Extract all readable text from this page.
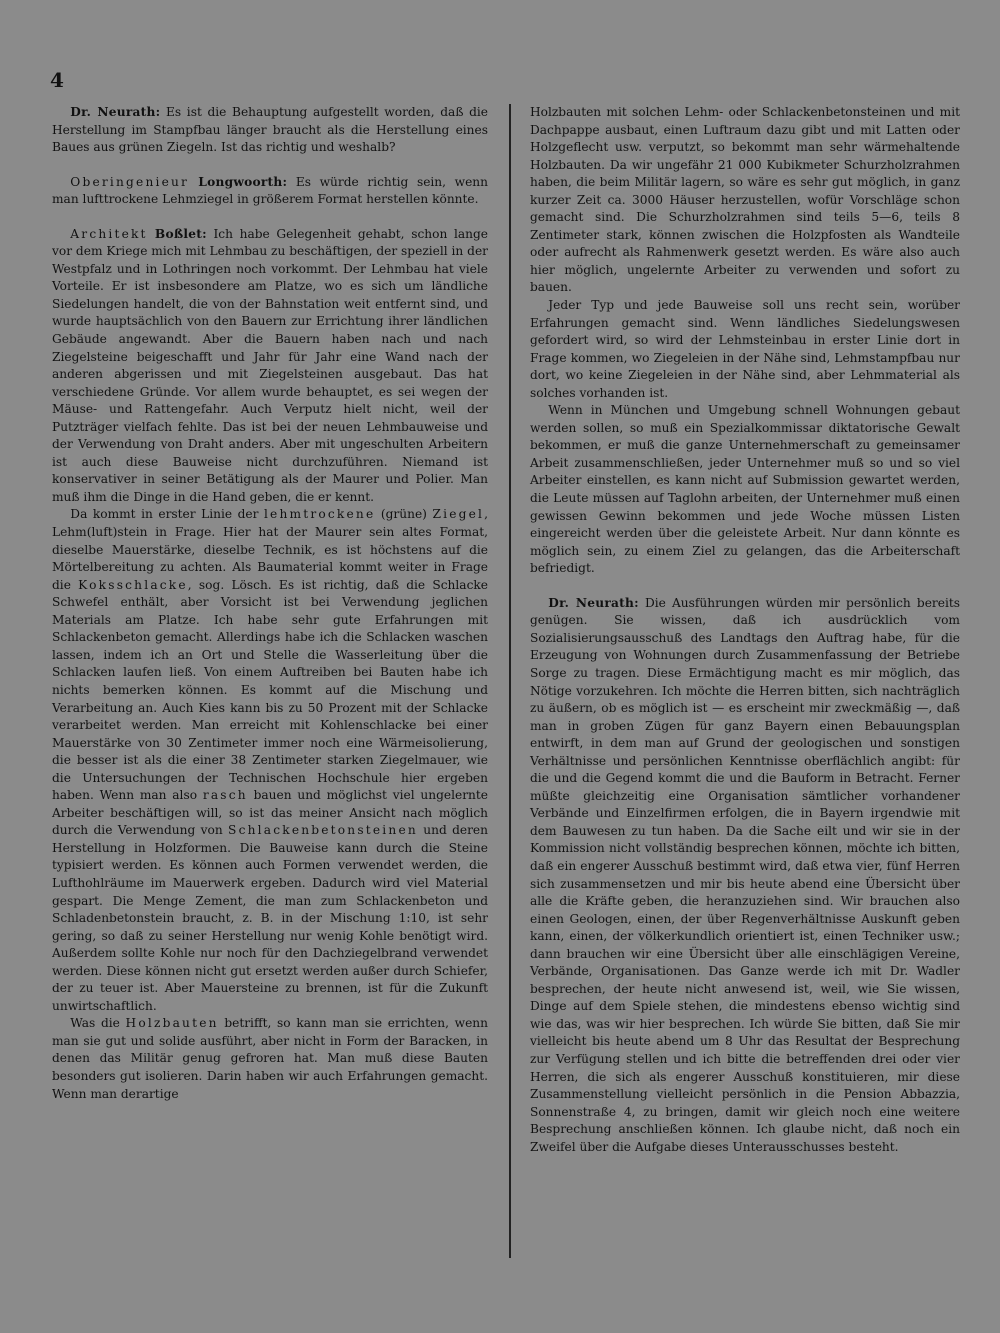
4

Dr. Neurath: Es ist die Behauptung aufgestellt worden, daß die Herstellung im Stampfbau länger braucht als die Herstellung eines Baues aus grünen Ziegeln. Ist das richtig und weshalb?

Oberingenieur Longwoorth: Es würde richtig sein, wenn man lufttrockene Lehmziegel in größerem Format herstellen könnte.

Architekt Boßlet: Ich habe Gelegenheit gehabt, schon lange vor dem Kriege mich mit Lehmbau zu beschäftigen, der speziell in der Westpfalz und in Lothringen noch vorkommt. Der Lehmbau hat viele Vorteile. Er ist insbesondere am Platze, wo es sich um ländliche Siedelungen handelt, die von der Bahnstation weit entfernt sind, und wurde hauptsächlich von den Bauern zur Errichtung ihrer ländlichen Gebäude angewandt. Aber die Bauern haben nach und nach Ziegelsteine beigeschafft und Jahr für Jahr eine Wand nach der anderen abgerissen und mit Ziegelsteinen ausgebaut. Das hat verschiedene Gründe. Vor allem wurde behauptet, es sei wegen der Mäuse- und Rattengefahr. Auch Verputz hielt nicht, weil der Putzträger vielfach fehlte. Das ist bei der neuen Lehmbauweise und der Verwendung von Draht anders. Aber mit ungeschulten Arbeitern ist auch diese Bauweise nicht durchzuführen. Niemand ist konservativer in seiner Betätigung als der Maurer und Polier. Man muß ihm die Dinge in die Hand geben, die er kennt.

Da kommt in erster Linie der lehmtrockene (grüne) Ziegel, Lehm(luft)stein in Frage. Hier hat der Maurer sein altes Format, dieselbe Mauerstärke, dieselbe Technik, es ist höchstens auf die Mörtelbereitung zu achten. Als Baumaterial kommt weiter in Frage die Koksschlacke, sog. Lösch. Es ist richtig, daß die Schlacke Schwefel enthält, aber Vorsicht ist bei Verwendung jeglichen Materials am Platze. Ich habe sehr gute Erfahrungen mit Schlackenbeton gemacht. Allerdings habe ich die Schlacken waschen lassen, indem ich an Ort und Stelle die Wasserleitung über die Schlacken laufen ließ. Von einem Auftreiben bei Bauten habe ich nichts bemerken können. Es kommt auf die Mischung und Verarbeitung an. Auch Kies kann bis zu 50 Prozent mit der Schlacke verarbeitet werden. Man erreicht mit Kohlenschlacke bei einer Mauerstärke von 30 Zentimeter immer noch eine Wärmeisolierung, die besser ist als die einer 38 Zentimeter starken Ziegelmauer, wie die Untersuchungen der Technischen Hochschule hier ergeben haben. Wenn man also rasch bauen und möglichst viel ungelernte Arbeiter beschäftigen will, so ist das meiner Ansicht nach möglich durch die Verwendung von Schlackenbetonsteinen und deren Herstellung in Holzformen. Die Bauweise kann durch die Steine typisiert werden. Es können auch Formen verwendet werden, die Lufthohlräume im Mauerwerk ergeben. Dadurch wird viel Material gespart. Die Menge Zement, die man zum Schlackenbeton und Schladenbetonstein braucht, z. B. in der Mischung 1:10, ist sehr gering, so daß zu seiner Herstellung nur wenig Kohle benötigt wird. Außerdem sollte Kohle nur noch für den Dachziegelbrand verwendet werden. Diese können nicht gut ersetzt werden außer durch Schiefer, der zu teuer ist. Aber Mauersteine zu brennen, ist für die Zukunft unwirtschaftlich.

Was die Holzbauten betrifft, so kann man sie errichten, wenn man sie gut und solide ausführt, aber nicht in Form der Baracken, in denen das Militär genug gefroren hat. Man muß diese Bauten besonders gut isolieren. Darin haben wir auch Erfahrungen gemacht. Wenn man derartige

Holzbauten mit solchen Lehm- oder Schlackenbetonsteinen und mit Dachpappe ausbaut, einen Luftraum dazu gibt und mit Latten oder Holzgeflecht usw. verputzt, so bekommt man sehr wärmehaltende Holzbauten. Da wir ungefähr 21 000 Kubikmeter Schurzholzrahmen haben, die beim Militär lagern, so wäre es sehr gut möglich, in ganz kurzer Zeit ca. 3000 Häuser herzustellen, wofür Vorschläge schon gemacht sind. Die Schurzholzrahmen sind teils 5—6, teils 8 Zentimeter stark, können zwischen die Holzpfosten als Wandteile oder aufrecht als Rahmenwerk gesetzt werden. Es wäre also auch hier möglich, ungelernte Arbeiter zu verwenden und sofort zu bauen.

Jeder Typ und jede Bauweise soll uns recht sein, worüber Erfahrungen gemacht sind. Wenn ländliches Siedelungswesen gefordert wird, so wird der Lehmsteinbau in erster Linie dort in Frage kommen, wo Ziegeleien in der Nähe sind, Lehmstampfbau nur dort, wo keine Ziegeleien in der Nähe sind, aber Lehmmaterial als solches vorhanden ist.

Wenn in München und Umgebung schnell Wohnungen gebaut werden sollen, so muß ein Spezialkommissar diktatorische Gewalt bekommen, er muß die ganze Unternehmerschaft zu gemeinsamer Arbeit zusammenschließen, jeder Unternehmer muß so und so viel Arbeiter einstellen, es kann nicht auf Submission gewartet werden, die Leute müssen auf Taglohn arbeiten, der Unternehmer muß einen gewissen Gewinn bekommen und jede Woche müssen Listen eingereicht werden über die geleistete Arbeit. Nur dann könnte es möglich sein, zu einem Ziel zu gelangen, das die Arbeiterschaft befriedigt.

Dr. Neurath: Die Ausführungen würden mir persönlich bereits genügen. Sie wissen, daß ich ausdrücklich vom Sozialisierungsausschuß des Landtags den Auftrag habe, für die Erzeugung von Wohnungen durch Zusammenfassung der Betriebe Sorge zu tragen. Diese Ermächtigung macht es mir möglich, das Nötige vorzukehren. Ich möchte die Herren bitten, sich nachträglich zu äußern, ob es möglich ist — es erscheint mir zweckmäßig —, daß man in groben Zügen für ganz Bayern einen Bebauungsplan entwirft, in dem man auf Grund der geologischen und sonstigen Verhältnisse und persönlichen Kenntnisse oberflächlich angibt: für die und die Gegend kommt die und die Bauform in Betracht. Ferner müßte gleichzeitig eine Organisation sämtlicher vorhandener Verbände und Einzelfirmen erfolgen, die in Bayern irgendwie mit dem Bauwesen zu tun haben. Da die Sache eilt und wir sie in der Kommission nicht vollständig besprechen können, möchte ich bitten, daß ein engerer Ausschuß bestimmt wird, daß etwa vier, fünf Herren sich zusammensetzen und mir bis heute abend eine Übersicht über alle die Kräfte geben, die heranzuziehen sind. Wir brauchen also einen Geologen, einen, der über Regenverhältnisse Auskunft geben kann, einen, der völkerkundlich orientiert ist, einen Techniker usw.; dann brauchen wir eine Übersicht über alle einschlägigen Vereine, Verbände, Organisationen. Das Ganze werde ich mit Dr. Wadler besprechen, der heute nicht anwesend ist, weil, wie Sie wissen, Dinge auf dem Spiele stehen, die mindestens ebenso wichtig sind wie das, was wir hier besprechen. Ich würde Sie bitten, daß Sie mir vielleicht bis heute abend um 8 Uhr das Resultat der Besprechung zur Verfügung stellen und ich bitte die betreffenden drei oder vier Herren, die sich als engerer Ausschuß konstituieren, mir diese Zusammenstellung vielleicht persönlich in die Pension Abbazzia, Sonnenstraße 4, zu bringen, damit wir gleich noch eine weitere Besprechung anschließen können. Ich glaube nicht, daß noch ein Zweifel über die Aufgabe dieses Unterausschusses besteht.
